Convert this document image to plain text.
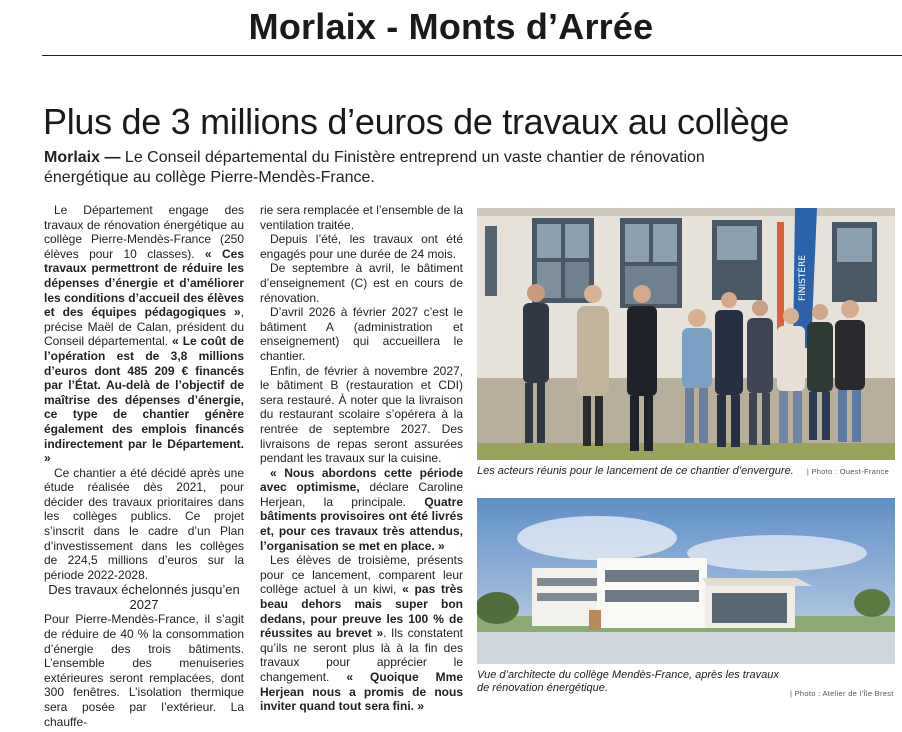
Morlaix - Monts d’Arrée
Plus de 3 millions d’euros de travaux au collège
Morlaix — Le Conseil départemental du Finistère entreprend un vaste chantier de rénovation énergétique au collège Pierre-Mendès-France.

Le Département engage des travaux de rénovation énergétique au collège Pierre-Mendès-France (250 élèves pour 10 classes). « Ces travaux permettront de réduire les dépenses d’énergie et d’améliorer les conditions d’accueil des élèves et des équipes pédagogiques », précise Maël de Calan, président du Conseil départemental. « Le coût de l’opération est de 3,8 millions d’euros dont 485 209 € financés par l’État. Au-delà de l’objectif de maîtrise des dépenses d’énergie, ce type de chantier génère également des emplois financés indirectement par le Département. »

Ce chantier a été décidé après une étude réalisée dès 2021, pour décider des travaux prioritaires dans les collèges publics. Ce projet s’inscrit dans le cadre d’un Plan d’investissement dans les collèges de 224,5 millions d’euros sur la période 2022-2028.

Des travaux échelonnés jusqu’en 2027

Pour Pierre-Mendès-France, il s’agit de réduire de 40 % la consommation d’énergie des trois bâtiments. L’ensemble des menuiseries extérieures seront remplacées, dont 300 fenêtres. L’isolation thermique sera posée par l’extérieur. La chauffe-

rie sera remplacée et l’ensemble de la ventilation traitée.

Depuis l’été, les travaux ont été engagés pour une durée de 24 mois.

De septembre à avril, le bâtiment d’enseignement (C) est en cours de rénovation.

D’avril 2026 à février 2027 c’est le bâtiment A (administration et enseignement) qui accueillera le chantier.

Enfin, de février à novembre 2027, le bâtiment B (restauration et CDI) sera restauré. À noter que la livraison du restaurant scolaire s’opérera à la rentrée de septembre 2027. Des livraisons de repas seront assurées pendant les travaux sur la cuisine.

« Nous abordons cette période avec optimisme, déclare Caroline Herjean, la principale. Quatre bâtiments provisoires ont été livrés et, pour ces travaux très attendus, l’organisation se met en place. »

Les élèves de troisième, présents pour ce lancement, comparent leur collège actuel à un kiwi, « pas très beau dehors mais super bon dedans, pour preuve les 100 % de réussites au brevet ». Ils constatent qu’ils ne seront plus là à la fin des travaux pour apprécier le changement. « Quoique Mme Herjean nous a promis de nous inviter quand tout sera fini. »

FINISTÈRE
Les acteurs réunis pour le lancement de ce chantier d’envergure. | Photo : Ouest-France
Vue d’architecte du collège Mendès-France, après les travaux de rénovation énergétique.	| Photo : Atelier de l’Île Brest
